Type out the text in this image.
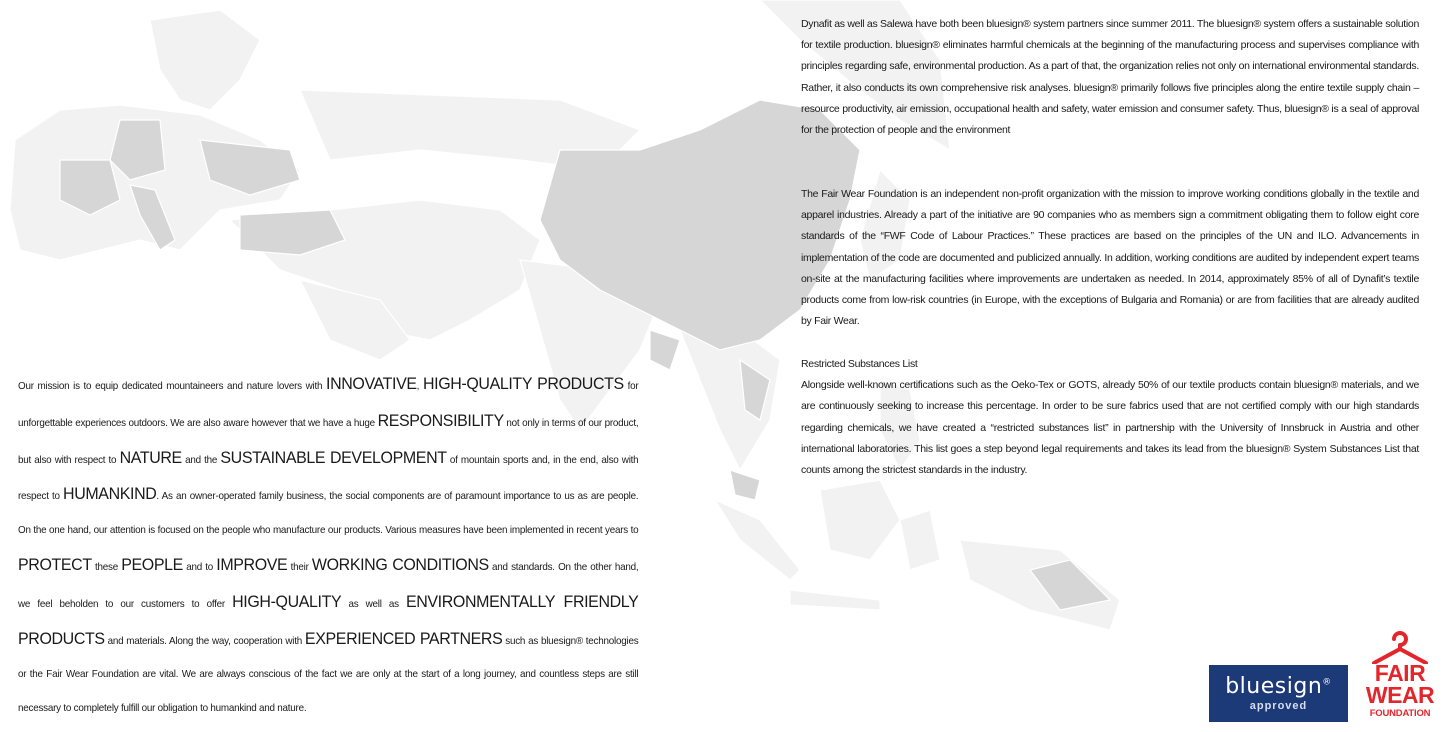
Our mission is to equip dedicated mountaineers and nature lovers with INNOVATIVE, HIGH-QUALITY PRODUCTS for unforgettable experiences outdoors. We are also aware however that we have a huge RESPONSIBILITY not only in terms of our product, but also with respect to NATURE and the SUSTAINABLE DEVELOPMENT of mountain sports and, in the end, also with respect to HUMANKIND. As an owner-operated family business, the social components are of paramount importance to us as are people. On the one hand, our attention is focused on the people who manufacture our products. Various measures have been implemented in recent years to PROTECT these PEOPLE and to IMPROVE their WORKING CONDITIONS and standards. On the other hand, we feel beholden to our customers to offer HIGH-QUALITY as well as ENVIRONMENTALLY FRIENDLY PRODUCTS and materials. Along the way, cooperation with EXPERIENCED PARTNERS such as bluesign® technologies or the Fair Wear Foundation are vital. We are always conscious of the fact we are only at the start of a long journey, and countless steps are still necessary to completely fulfill our obligation to humankind and nature.
Dynafit as well as Salewa have both been bluesign® system partners since summer 2011. The bluesign® system offers a sustainable solution for textile production. bluesign® eliminates harmful chemicals at the beginning of the manufacturing process and supervises compliance with principles regarding safe, environmental production. As a part of that, the organization relies not only on international environmental standards. Rather, it also conducts its own comprehensive risk analyses. bluesign® primarily follows five principles along the entire textile supply chain – resource productivity, air emission, occupational health and safety, water emission and consumer safety. Thus, bluesign® is a seal of approval for the protection of people and the environment
The Fair Wear Foundation is an independent non-profit organization with the mission to improve working conditions globally in the textile and apparel industries. Already a part of the initiative are 90 companies who as members sign a commitment obligating them to follow eight core standards of the “FWF Code of Labour Practices.” These practices are based on the principles of the UN and ILO. Advancements in implementation of the code are documented and publicized annually. In addition, working conditions are audited by independent expert teams on-site at the manufacturing facilities where improvements are undertaken as needed. In 2014, approximately 85% of all of Dynafit’s textile products come from low-risk countries (in Europe, with the exceptions of Bulgaria and Romania) or are from facilities that are already audited by Fair Wear.
Restricted Substances List
Alongside well-known certifications such as the Oeko-Tex or GOTS, already 50% of our textile products contain bluesign® materials, and we are continuously seeking to increase this percentage. In order to be sure fabrics used that are not certified comply with our high standards regarding chemicals, we have created a “restricted substances list” in partnership with the University of Innsbruck in Austria and other international laboratories. This list goes a step beyond legal requirements and takes its lead from the bluesign® System Substances List that counts among the strictest standards in the industry.
bluesign®
approved
FAIR
WEAR
FOUNDATION
